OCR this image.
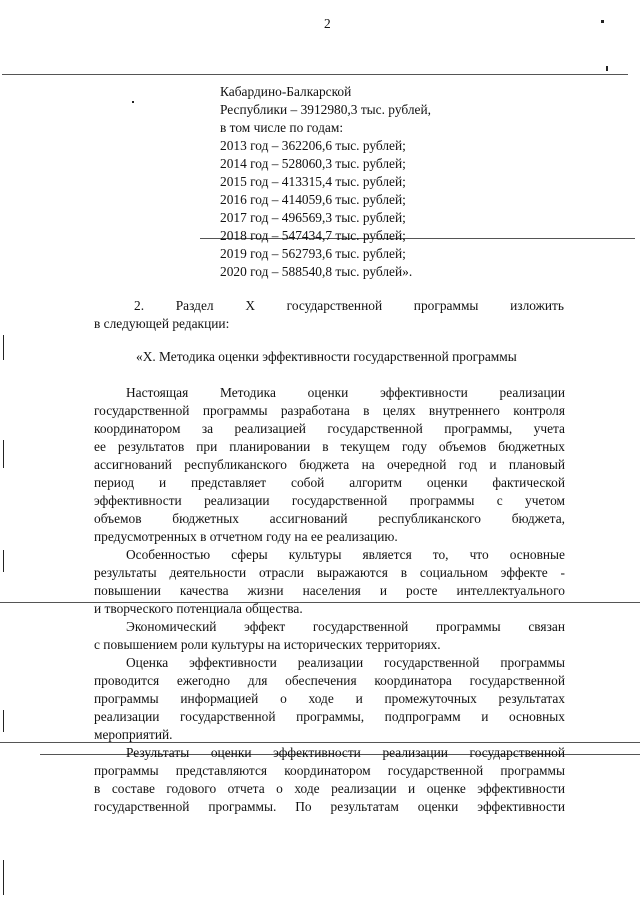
2
Кабардино-Балкарской
Республики – 3912980,3 тыс. рублей,
в том числе по годам:
2013 год – 362206,6 тыс. рублей;
2014 год – 528060,3 тыс. рублей;
2015 год – 413315,4 тыс. рублей;
2016 год – 414059,6 тыс. рублей;
2017 год – 496569,3 тыс. рублей;
2018 год – 547434,7 тыс. рублей;
2019 год – 562793,6 тыс. рублей;
2020 год – 588540,8 тыс. рублей».
2. Раздел X государственной программы изложить
в следующей редакции:
«X. Методика оценки эффективности государственной программы
Настоящая Методика оценки эффективности реализации
государственной программы разработана в целях внутреннего контроля
координатором за реализацией государственной программы, учета
ее результатов при планировании в текущем году объемов бюджетных
ассигнований республиканского бюджета на очередной год и плановый
период и представляет собой алгоритм оценки фактической
эффективности реализации государственной программы с учетом
объемов бюджетных ассигнований республиканского бюджета,
предусмотренных в отчетном году на ее реализацию.
Особенностью сферы культуры является то, что основные
результаты деятельности отрасли выражаются в социальном эффекте -
повышении качества жизни населения и росте интеллектуального
и творческого потенциала общества.
Экономический эффект государственной программы связан
с повышением роли культуры на исторических территориях.
Оценка эффективности реализации государственной программы
проводится ежегодно для обеспечения координатора государственной
программы информацией о ходе и промежуточных результатах
реализации государственной программы, подпрограмм и основных
мероприятий.
Результаты оценки эффективности реализации государственной
программы представляются координатором государственной программы
в составе годового отчета о ходе реализации и оценке эффективности
государственной программы. По результатам оценки эффективности
